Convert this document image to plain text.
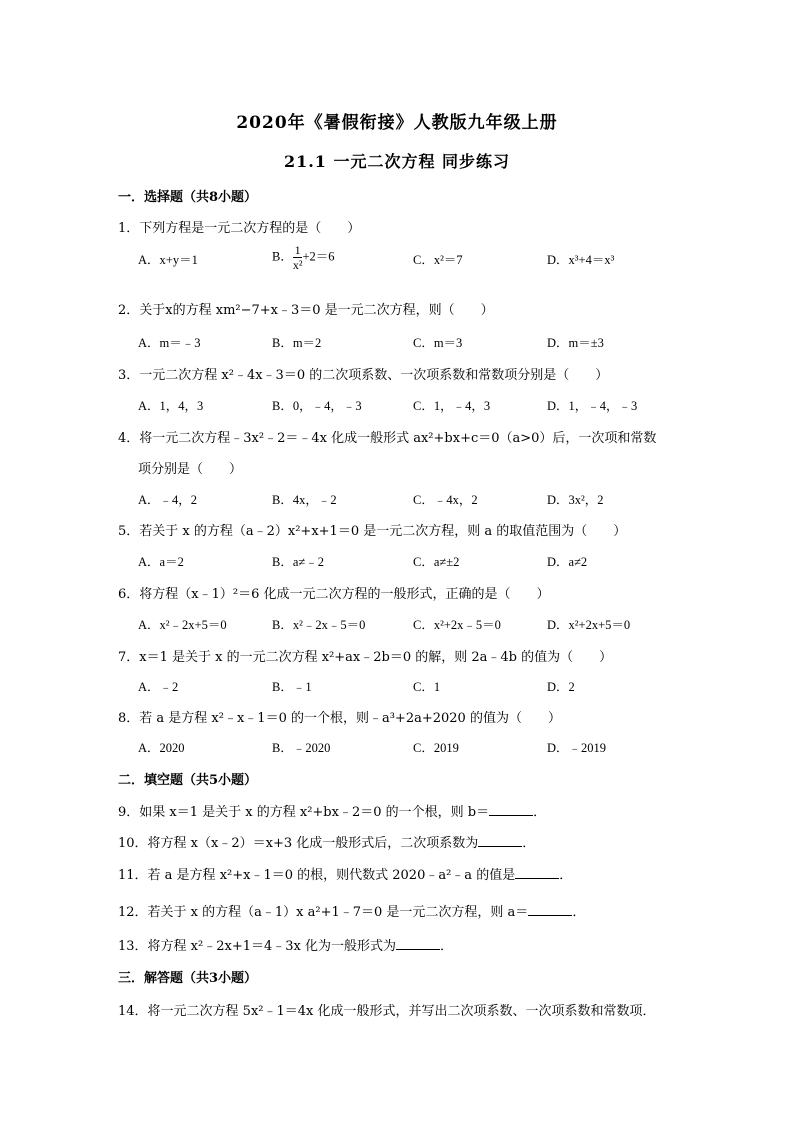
2020年《暑假衔接》人教版九年级上册
21.1 一元二次方程 同步练习
一．选择题（共8小题）
1．下列方程是一元二次方程的是（　　）
A．x+y＝1	B． $\frac{1}{\text{x²}} +2=6$	C．x²＝7	D．x³+4＝x³
2．关于x的方程 xm²−7+x﹣3＝0 是一元二次方程，则（　　）
A．m＝﹣3	B．m＝2	C．m＝3	D．m＝±3
3．一元二次方程 x²﹣4x﹣3＝0 的二次项系数、一次项系数和常数项分别是（　　）
A．1，4，3	B．0，﹣4，﹣3	C．1，﹣4，3	D．1，﹣4，﹣3
4．将一元二次方程﹣3x²﹣2＝﹣4x 化成一般形式 ax²+bx+c＝0（a>0）后，一次项和常数
项分别是（　　）
A．﹣4，2	B．4x，﹣2	C．﹣4x，2	D．3x²，2
5．若关于 x 的方程（a﹣2）x²+x+1＝0 是一元二次方程，则 a 的取值范围为（　　）
A．a＝2	B．a≠﹣2	C．a≠±2	D．a≠2
6．将方程（x﹣1）²＝6 化成一元二次方程的一般形式，正确的是（　　）
A．x²﹣2x+5＝0	B．x²﹣2x﹣5＝0	C．x²+2x﹣5＝0	D．x²+2x+5＝0
7．x＝1 是关于 x 的一元二次方程 x²+ax﹣2b＝0 的解，则 2a﹣4b 的值为（　　）
A．﹣2	B．﹣1	C．1	D．2
8．若 a 是方程 x²﹣x﹣1＝0 的一个根，则﹣a³+2a+2020 的值为（　　）
A．2020	B．﹣2020	C．2019	D．﹣2019
二．填空题（共5小题）
9．如果 x＝1 是关于 x 的方程 x²+bx﹣2＝0 的一个根，则 b＝	．
10．将方程 x（x﹣2）＝x+3 化成一般形式后，二次项系数为	．
11．若 a 是方程 x²+x﹣1＝0 的根，则代数式 2020﹣a²﹣a 的值是	．
12．若关于 x 的方程（a﹣1）x a²+1﹣7＝0 是一元二次方程，则 a＝	．
13．将方程 x²﹣2x+1＝4﹣3x 化为一般形式为	．
三．解答题（共3小题）
14．将一元二次方程 5x²﹣1＝4x 化成一般形式，并写出二次项系数、一次项系数和常数项．
